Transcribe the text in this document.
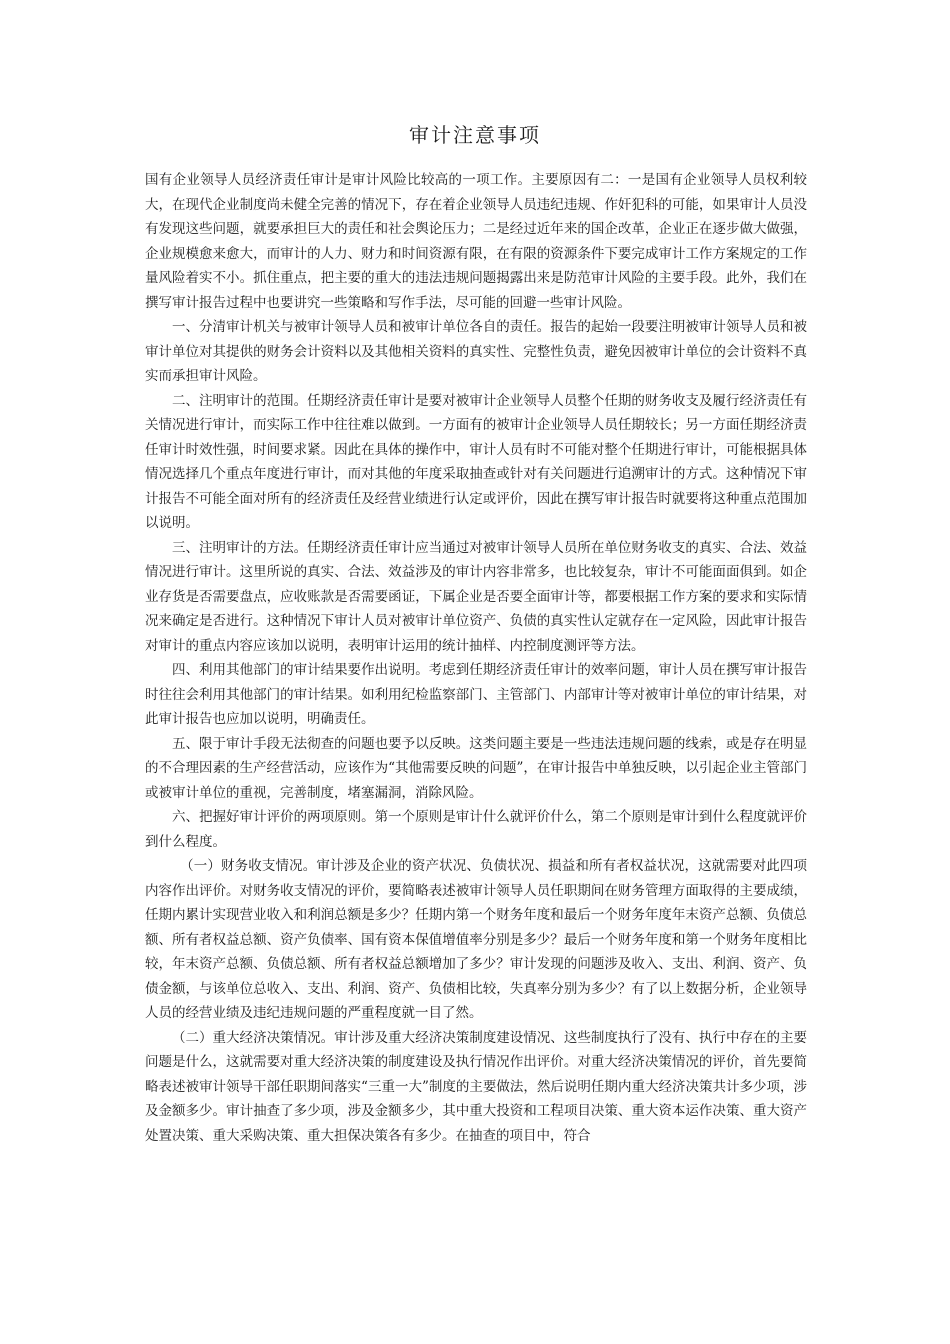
审计注意事项

国有企业领导人员经济责任审计是审计风险比较高的一项工作。主要原因有二：一是国有企业领导人员权利较大，在现代企业制度尚未健全完善的情况下，存在着企业领导人员违纪违规、作奸犯科的可能，如果审计人员没有发现这些问题，就要承担巨大的责任和社会舆论压力；二是经过近年来的国企改革，企业正在逐步做大做强，企业规模愈来愈大，而审计的人力、财力和时间资源有限，在有限的资源条件下要完成审计工作方案规定的工作量风险着实不小。抓住重点，把主要的重大的违法违规问题揭露出来是防范审计风险的主要手段。此外，我们在撰写审计报告过程中也要讲究一些策略和写作手法，尽可能的回避一些审计风险。

一、分清审计机关与被审计领导人员和被审计单位各自的责任。报告的起始一段要注明被审计领导人员和被审计单位对其提供的财务会计资料以及其他相关资料的真实性、完整性负责，避免因被审计单位的会计资料不真实而承担审计风险。

二、注明审计的范围。任期经济责任审计是要对被审计企业领导人员整个任期的财务收支及履行经济责任有关情况进行审计，而实际工作中往往难以做到。一方面有的被审计企业领导人员任期较长；另一方面任期经济责任审计时效性强，时间要求紧。因此在具体的操作中，审计人员有时不可能对整个任期进行审计，可能根据具体情况选择几个重点年度进行审计，而对其他的年度采取抽查或针对有关问题进行追溯审计的方式。这种情况下审计报告不可能全面对所有的经济责任及经营业绩进行认定或评价，因此在撰写审计报告时就要将这种重点范围加以说明。

三、注明审计的方法。任期经济责任审计应当通过对被审计领导人员所在单位财务收支的真实、合法、效益情况进行审计。这里所说的真实、合法、效益涉及的审计内容非常多，也比较复杂，审计不可能面面俱到。如企业存货是否需要盘点，应收账款是否需要函证，下属企业是否要全面审计等，都要根据工作方案的要求和实际情况来确定是否进行。这种情况下审计人员对被审计单位资产、负债的真实性认定就存在一定风险，因此审计报告对审计的重点内容应该加以说明，表明审计运用的统计抽样、内控制度测评等方法。

四、利用其他部门的审计结果要作出说明。考虑到任期经济责任审计的效率问题，审计人员在撰写审计报告时往往会利用其他部门的审计结果。如利用纪检监察部门、主管部门、内部审计等对被审计单位的审计结果，对此审计报告也应加以说明，明确责任。

五、限于审计手段无法彻查的问题也要予以反映。这类问题主要是一些违法违规问题的线索，或是存在明显的不合理因素的生产经营活动，应该作为“其他需要反映的问题”，在审计报告中单独反映，以引起企业主管部门或被审计单位的重视，完善制度，堵塞漏洞，消除风险。

六、把握好审计评价的两项原则。第一个原则是审计什么就评价什么，第二个原则是审计到什么程度就评价到什么程度。

（一）财务收支情况。审计涉及企业的资产状况、负债状况、损益和所有者权益状况，这就需要对此四项内容作出评价。对财务收支情况的评价，要简略表述被审计领导人员任职期间在财务管理方面取得的主要成绩，任期内累计实现营业收入和利润总额是多少？任期内第一个财务年度和最后一个财务年度年末资产总额、负债总额、所有者权益总额、资产负债率、国有资本保值增值率分别是多少？最后一个财务年度和第一个财务年度相比较，年末资产总额、负债总额、所有者权益总额增加了多少？审计发现的问题涉及收入、支出、利润、资产、负债金额，与该单位总收入、支出、利润、资产、负债相比较，失真率分别为多少？有了以上数据分析，企业领导人员的经营业绩及违纪违规问题的严重程度就一目了然。

（二）重大经济决策情况。审计涉及重大经济决策制度建设情况、这些制度执行了没有、执行中存在的主要问题是什么，这就需要对重大经济决策的制度建设及执行情况作出评价。对重大经济决策情况的评价，首先要简略表述被审计领导干部任职期间落实“三重一大”制度的主要做法，然后说明任期内重大经济决策共计多少项，涉及金额多少。审计抽查了多少项，涉及金额多少，其中重大投资和工程项目决策、重大资本运作决策、重大资产处置决策、重大采购决策、重大担保决策各有多少。在抽查的项目中，符合
